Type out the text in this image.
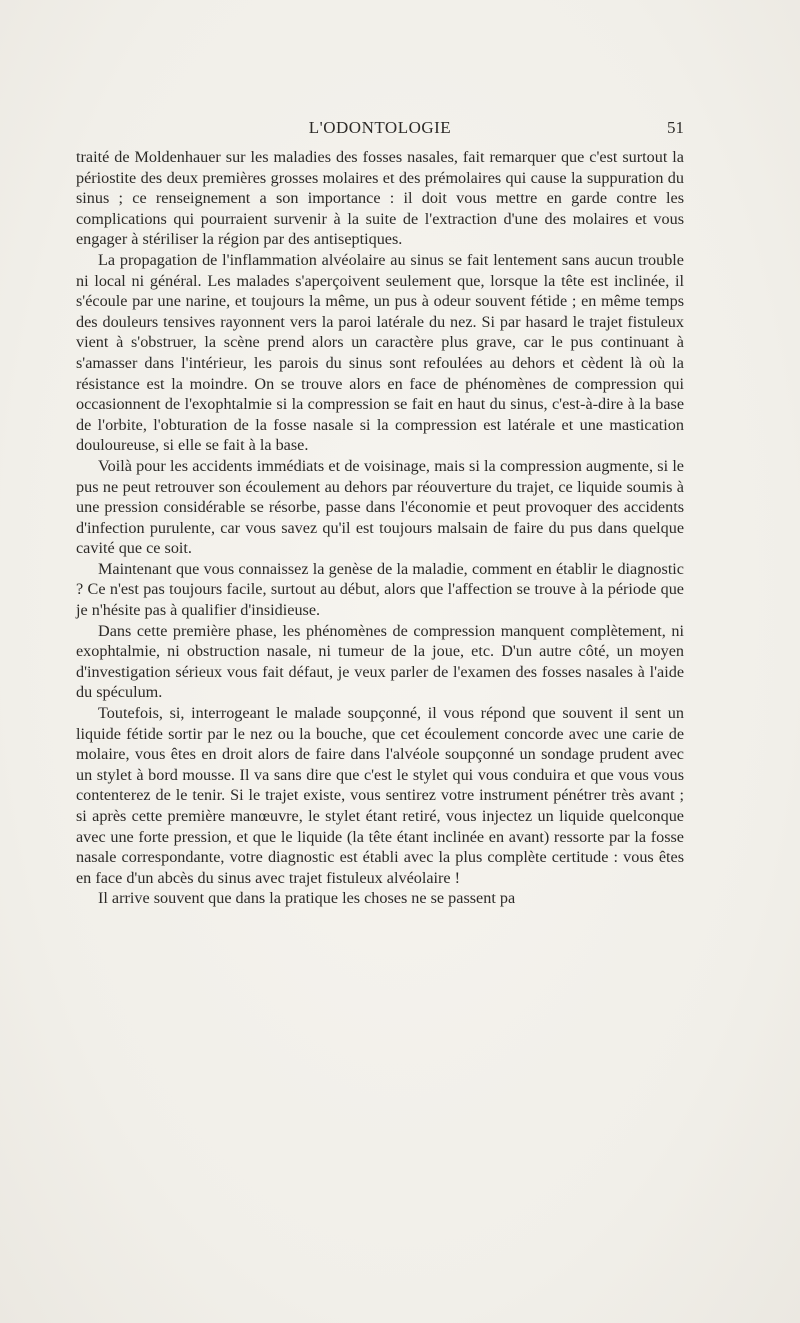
L'ODONTOLOGIE	51

traité de Moldenhauer sur les maladies des fosses nasales, fait remarquer que c'est surtout la périostite des deux premières grosses molaires et des prémolaires qui cause la suppuration du sinus ; ce renseignement a son importance : il doit vous mettre en garde contre les complications qui pourraient survenir à la suite de l'extraction d'une des molaires et vous engager à stériliser la région par des antiseptiques.

La propagation de l'inflammation alvéolaire au sinus se fait lentement sans aucun trouble ni local ni général. Les malades s'aperçoivent seulement que, lorsque la tête est inclinée, il s'écoule par une narine, et toujours la même, un pus à odeur souvent fétide ; en même temps des douleurs tensives rayonnent vers la paroi latérale du nez. Si par hasard le trajet fistuleux vient à s'obstruer, la scène prend alors un caractère plus grave, car le pus continuant à s'amasser dans l'intérieur, les parois du sinus sont refoulées au dehors et cèdent là où la résistance est la moindre. On se trouve alors en face de phénomènes de compression qui occasionnent de l'exophtalmie si la compression se fait en haut du sinus, c'est-à-dire à la base de l'orbite, l'obturation de la fosse nasale si la compression est latérale et une mastication douloureuse, si elle se fait à la base.

Voilà pour les accidents immédiats et de voisinage, mais si la compression augmente, si le pus ne peut retrouver son écoulement au dehors par réouverture du trajet, ce liquide soumis à une pression considérable se résorbe, passe dans l'économie et peut provoquer des accidents d'infection purulente, car vous savez qu'il est toujours malsain de faire du pus dans quelque cavité que ce soit.

Maintenant que vous connaissez la genèse de la maladie, comment en établir le diagnostic ? Ce n'est pas toujours facile, surtout au début, alors que l'affection se trouve à la période que je n'hésite pas à qualifier d'insidieuse.

Dans cette première phase, les phénomènes de compression manquent complètement, ni exophtalmie, ni obstruction nasale, ni tumeur de la joue, etc. D'un autre côté, un moyen d'investigation sérieux vous fait défaut, je veux parler de l'examen des fosses nasales à l'aide du spéculum.

Toutefois, si, interrogeant le malade soupçonné, il vous répond que souvent il sent un liquide fétide sortir par le nez ou la bouche, que cet écoulement concorde avec une carie de molaire, vous êtes en droit alors de faire dans l'alvéole soupçonné un sondage prudent avec un stylet à bord mousse. Il va sans dire que c'est le stylet qui vous conduira et que vous vous contenterez de le tenir. Si le trajet existe, vous sentirez votre instrument pénétrer très avant ; si après cette première manœuvre, le stylet étant retiré, vous injectez un liquide quelconque avec une forte pression, et que le liquide (la tête étant inclinée en avant) ressorte par la fosse nasale correspondante, votre diagnostic est établi avec la plus complète certitude : vous êtes en face d'un abcès du sinus avec trajet fistuleux alvéolaire !

Il arrive souvent que dans la pratique les choses ne se passent pa
